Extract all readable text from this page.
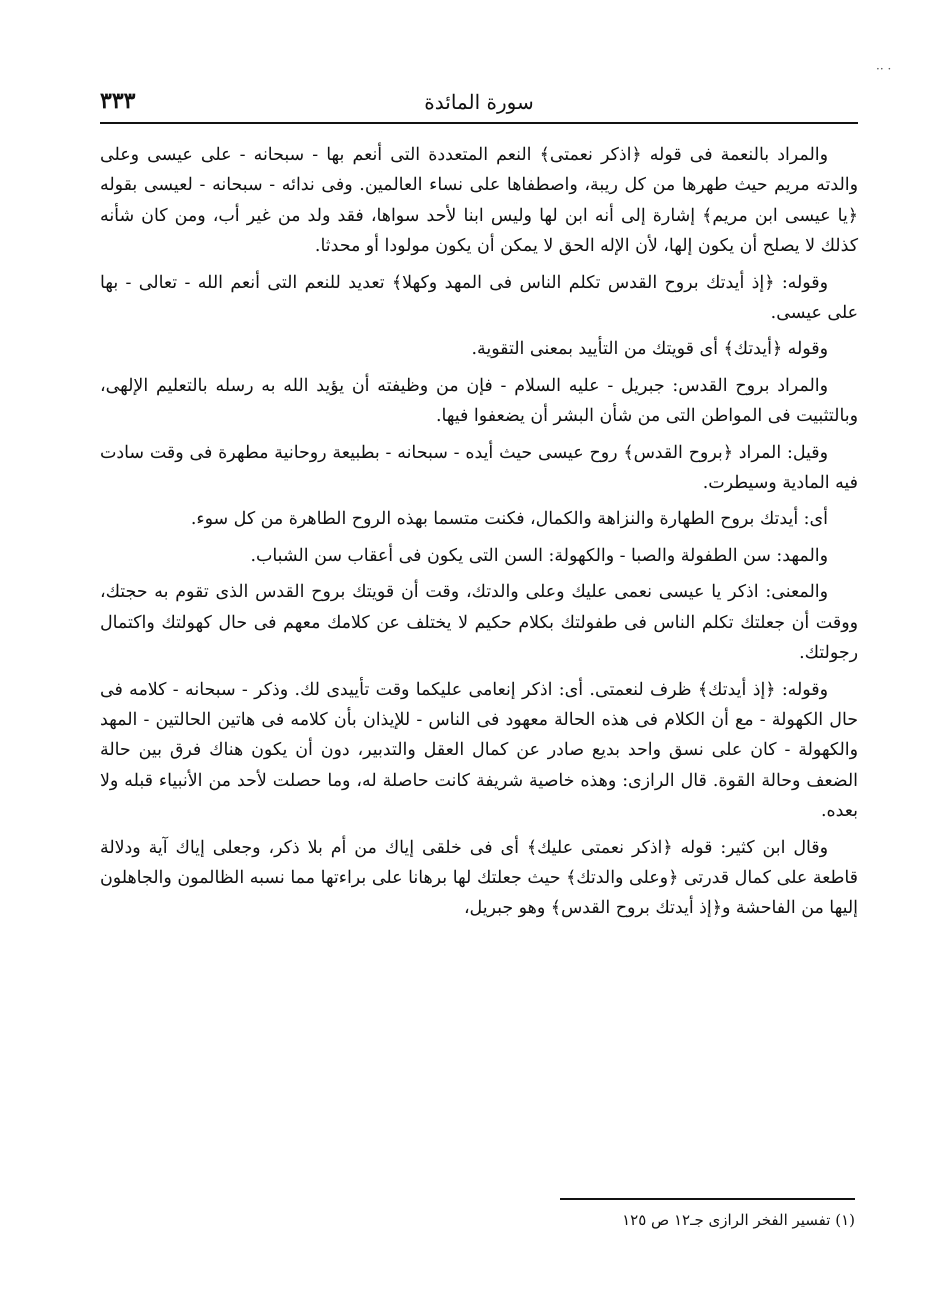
·· ·
٣٣٣	سورة المائدة

والمراد بالنعمة فى قوله ﴿اذكر نعمتى﴾ النعم المتعددة التى أنعم بها - سبحانه - على عيسى وعلى والدته مريم حيث طهرها من كل ريبة، واصطفاها على نساء العالمين. وفى ندائه - سبحانه - لعيسى بقوله ﴿يا عيسى ابن مريم﴾ إشارة إلى أنه ابن لها وليس ابنا لأحد سواها، فقد ولد من غير أب، ومن كان شأنه كذلك لا يصلح أن يكون إلها، لأن الإله الحق لا يمكن أن يكون مولودا أو محدثا.

وقوله: ﴿إذ أيدتك بروح القدس تكلم الناس فى المهد وكهلا﴾ تعديد للنعم التى أنعم الله - تعالى - بها على عيسى.

وقوله ﴿أيدتك﴾ أى قويتك من التأييد بمعنى التقوية.

والمراد بروح القدس: جبريل - عليه السلام - فإن من وظيفته أن يؤيد الله به رسله بالتعليم الإلهى، وبالتثبيت فى المواطن التى من شأن البشر أن يضعفوا فيها.

وقيل: المراد ﴿بروح القدس﴾ روح عيسى حيث أيده - سبحانه - بطبيعة روحانية مطهرة فى وقت سادت فيه المادية وسيطرت.

أى: أيدتك بروح الطهارة والنزاهة والكمال، فكنت متسما بهذه الروح الطاهرة من كل سوء.

والمهد: سن الطفولة والصبا - والكهولة: السن التى يكون فى أعقاب سن الشباب.

والمعنى: اذكر يا عيسى نعمى عليك وعلى والدتك، وقت أن قويتك بروح القدس الذى تقوم به حجتك، ووقت أن جعلتك تكلم الناس فى طفولتك بكلام حكيم لا يختلف عن كلامك معهم فى حال كهولتك واكتمال رجولتك.

وقوله: ﴿إذ أيدتك﴾ ظرف لنعمتى. أى: اذكر إنعامى عليكما وقت تأييدى لك. وذكر - سبحانه - كلامه فى حال الكهولة - مع أن الكلام فى هذه الحالة معهود فى الناس - للإيذان بأن كلامه فى هاتين الحالتين - المهد والكهولة - كان على نسق واحد بديع صادر عن كمال العقل والتدبير، دون أن يكون هناك فرق بين حالة الضعف وحالة القوة. قال الرازى: وهذه خاصية شريفة كانت حاصلة له، وما حصلت لأحد من الأنبياء قبله ولا بعده.

وقال ابن كثير: قوله ﴿اذكر نعمتى عليك﴾ أى فى خلقى إياك من أم بلا ذكر، وجعلى إياك آية ودلالة قاطعة على كمال قدرتى ﴿وعلى والدتك﴾ حيث جعلتك لها برهانا على براءتها مما نسبه الظالمون والجاهلون إليها من الفاحشة و﴿إذ أيدتك بروح القدس﴾ وهو جبريل،

(١) تفسير الفخر الرازى جـ١٢ ص ١٢٥
